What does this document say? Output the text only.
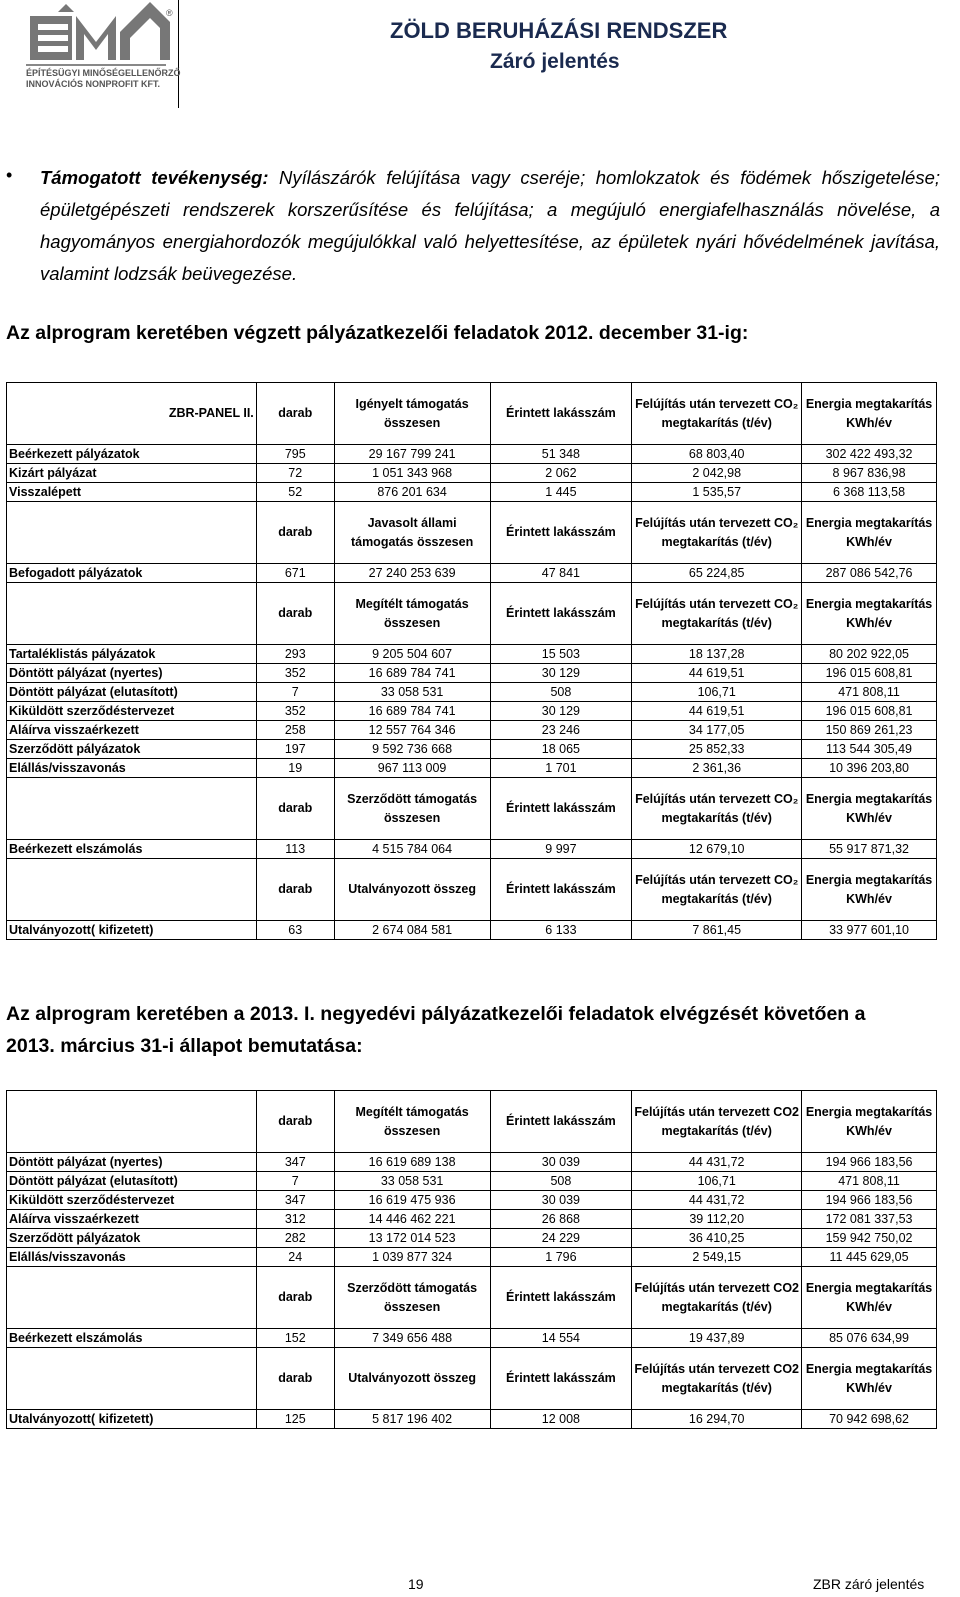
®
ÉPÍTÉSÜGYI MINŐSÉGELLENŐRZŐ
INNOVÁCIÓS NONPROFIT KFT.
ZÖLD BERUHÁZÁSI RENDSZER
Záró jelentés
• Támogatott tevékenység: Nyílászárók felújítása vagy cseréje; homlokzatok és födémek hőszigetelése; épületgépészeti rendszerek korszerűsítése és felújítása; a megújuló energiafelhasználás növelése, a hagyományos energiahordozók megújulókkal való helyettesítése, az épületek nyári hővédelmének javítása, valamint lodzsák beüvegezése.
Az alprogram keretében végzett pályázatkezelői feladatok 2012. december 31-ig:
ZBR-PANEL II.	darab	Igényelt támogatás összesen	Érintett lakásszám	Felújítás után tervezett CO₂ megtakarítás (t/év)	Energia megtakarítás KWh/év
Beérkezett pályázatok	795	29 167 799 241	51 348	68 803,40	302 422 493,32
Kizárt pályázat	72	1 051 343 968	2 062	2 042,98	8 967 836,98
Visszalépett	52	876 201 634	1 445	1 535,57	6 368 113,58
	darab	Javasolt állami támogatás összesen	Érintett lakásszám	Felújítás után tervezett CO₂ megtakarítás (t/év)	Energia megtakarítás KWh/év
Befogadott pályázatok	671	27 240 253 639	47 841	65 224,85	287 086 542,76
	darab	Megítélt támogatás összesen	Érintett lakásszám	Felújítás után tervezett CO₂ megtakarítás (t/év)	Energia megtakarítás KWh/év
Tartaléklistás pályázatok	293	9 205 504 607	15 503	18 137,28	80 202 922,05
Döntött pályázat (nyertes)	352	16 689 784 741	30 129	44 619,51	196 015 608,81
Döntött pályázat (elutasított)	7	33 058 531	508	106,71	471 808,11
Kiküldött szerződéstervezet	352	16 689 784 741	30 129	44 619,51	196 015 608,81
Aláírva visszaérkezett	258	12 557 764 346	23 246	34 177,05	150 869 261,23
Szerződött pályázatok	197	9 592 736 668	18 065	25 852,33	113 544 305,49
Elállás/visszavonás	19	967 113 009	1 701	2 361,36	10 396 203,80
	darab	Szerződött támogatás összesen	Érintett lakásszám	Felújítás után tervezett CO₂ megtakarítás (t/év)	Energia megtakarítás KWh/év
Beérkezett elszámolás	113	4 515 784 064	9 997	12 679,10	55 917 871,32
	darab	Utalványozott összeg	Érintett lakásszám	Felújítás után tervezett CO₂ megtakarítás (t/év)	Energia megtakarítás KWh/év
Utalványozott( kifizetett)	63	2 674 084 581	6 133	7 861,45	33 977 601,10
Az alprogram keretében a 2013. I. negyedévi pályázatkezelői feladatok elvégzését követően a 2013. március 31-i állapot bemutatása:
	darab	Megítélt támogatás összesen	Érintett lakásszám	Felújítás után tervezett CO2 megtakarítás (t/év)	Energia megtakarítás KWh/év
Döntött pályázat (nyertes)	347	16 619 689 138	30 039	44 431,72	194 966 183,56
Döntött pályázat (elutasított)	7	33 058 531	508	106,71	471 808,11
Kiküldött szerződéstervezet	347	16 619 475 936	30 039	44 431,72	194 966 183,56
Aláírva visszaérkezett	312	14 446 462 221	26 868	39 112,20	172 081 337,53
Szerződött pályázatok	282	13 172 014 523	24 229	36 410,25	159 942 750,02
Elállás/visszavonás	24	1 039 877 324	1 796	2 549,15	11 445 629,05
	darab	Szerződött támogatás összesen	Érintett lakásszám	Felújítás után tervezett CO2 megtakarítás (t/év)	Energia megtakarítás KWh/év
Beérkezett elszámolás	152	7 349 656 488	14 554	19 437,89	85 076 634,99
	darab	Utalványozott összeg	Érintett lakásszám	Felújítás után tervezett CO2 megtakarítás (t/év)	Energia megtakarítás KWh/év
Utalványozott( kifizetett)	125	5 817 196 402	12 008	16 294,70	70 942 698,62
19	ZBR záró jelentés
